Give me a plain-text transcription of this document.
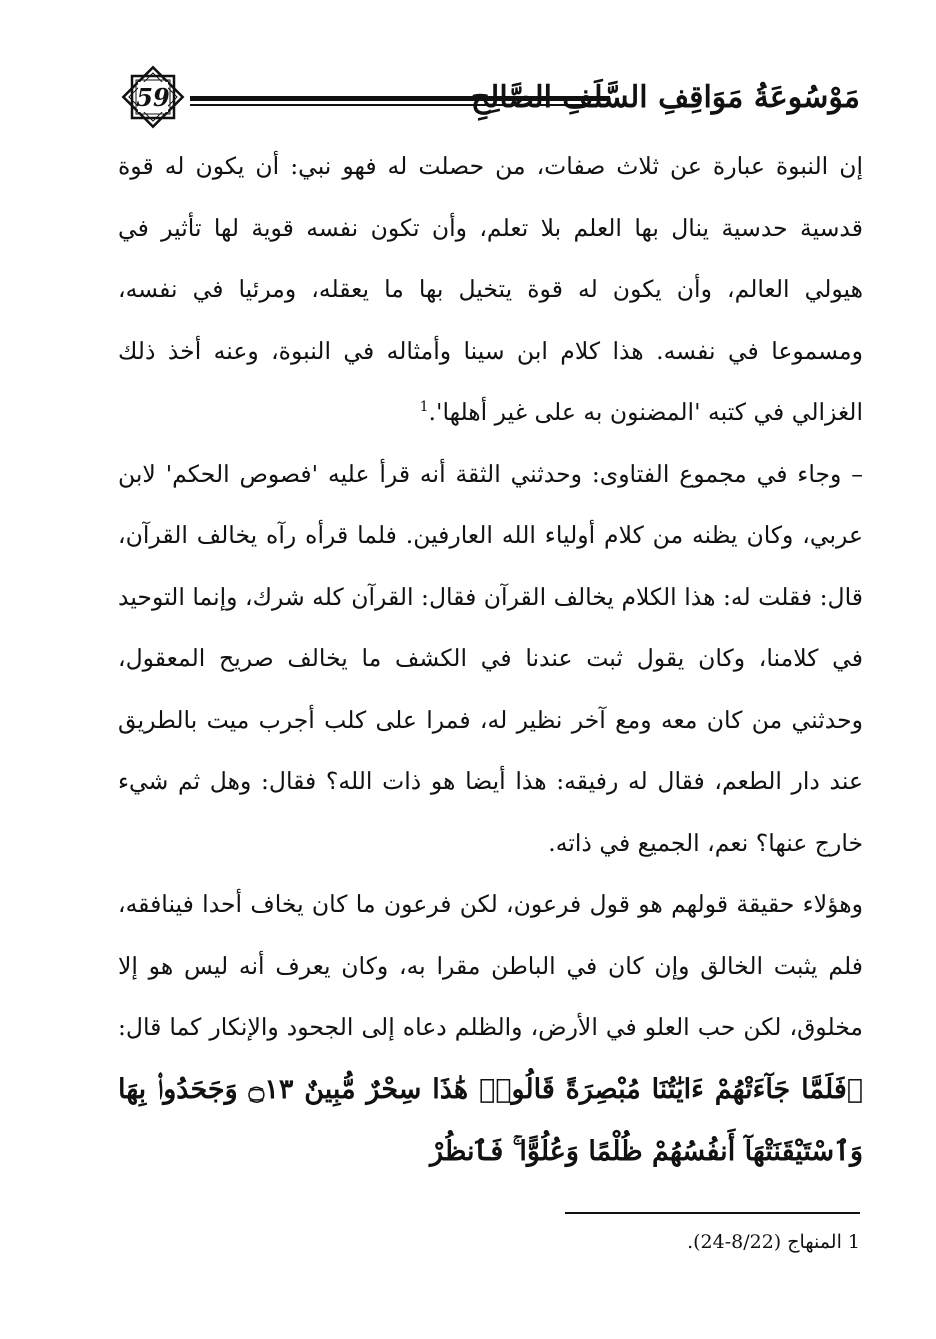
59	مَوْسُوعَةُ مَوَاقِفِ السَّلَفِ الصَّالِحِ

إن النبوة عبارة عن ثلاث صفات، من حصلت له فهو نبي: أن يكون له قوة قدسية حدسية ينال بها العلم بلا تعلم، وأن تكون نفسه قوية لها تأثير في هيولي العالم، وأن يكون له قوة يتخيل بها ما يعقله، ومرئيا في نفسه، ومسموعا في نفسه. هذا كلام ابن سينا وأمثاله في النبوة، وعنه أخذ ذلك الغزالي في كتبه 'المضنون به على غير أهلها'.$^1$

– وجاء في مجموع الفتاوى: وحدثني الثقة أنه قرأ عليه 'فصوص الحكم' لابن عربي، وكان يظنه من كلام أولياء الله العارفين. فلما قرأه رآه يخالف القرآن، قال: فقلت له: هذا الكلام يخالف القرآن فقال: القرآن كله شرك، وإنما التوحيد في كلامنا، وكان يقول ثبت عندنا في الكشف ما يخالف صريح المعقول، وحدثني من كان معه ومع آخر نظير له، فمرا على كلب أجرب ميت بالطريق عند دار الطعم، فقال له رفيقه: هذا أيضا هو ذات الله؟ فقال: وهل ثم شيء خارج عنها؟ نعم، الجميع في ذاته.

وهؤلاء حقيقة قولهم هو قول فرعون، لكن فرعون ما كان يخاف أحدا فينافقه، فلم يثبت الخالق وإن كان في الباطن مقرا به، وكان يعرف أنه ليس هو إلا مخلوق، لكن حب العلو في الأرض، والظلم دعاه إلى الجحود والإنكار كما قال: ﴿فَلَمَّا جَآءَتْهُمْ ءَايَٰتُنَا مُبْصِرَةً قَالُوا۟ هَٰذَا سِحْرٌ مُّبِينٌ ۝١٣ وَجَحَدُوا۟ بِهَا وَٱسْتَيْقَنَتْهَآ أَنفُسُهُمْ ظُلْمًا وَعُلُوًّا ۚ فَٱنظُرْ

1 المنهاج (8/22-24).
